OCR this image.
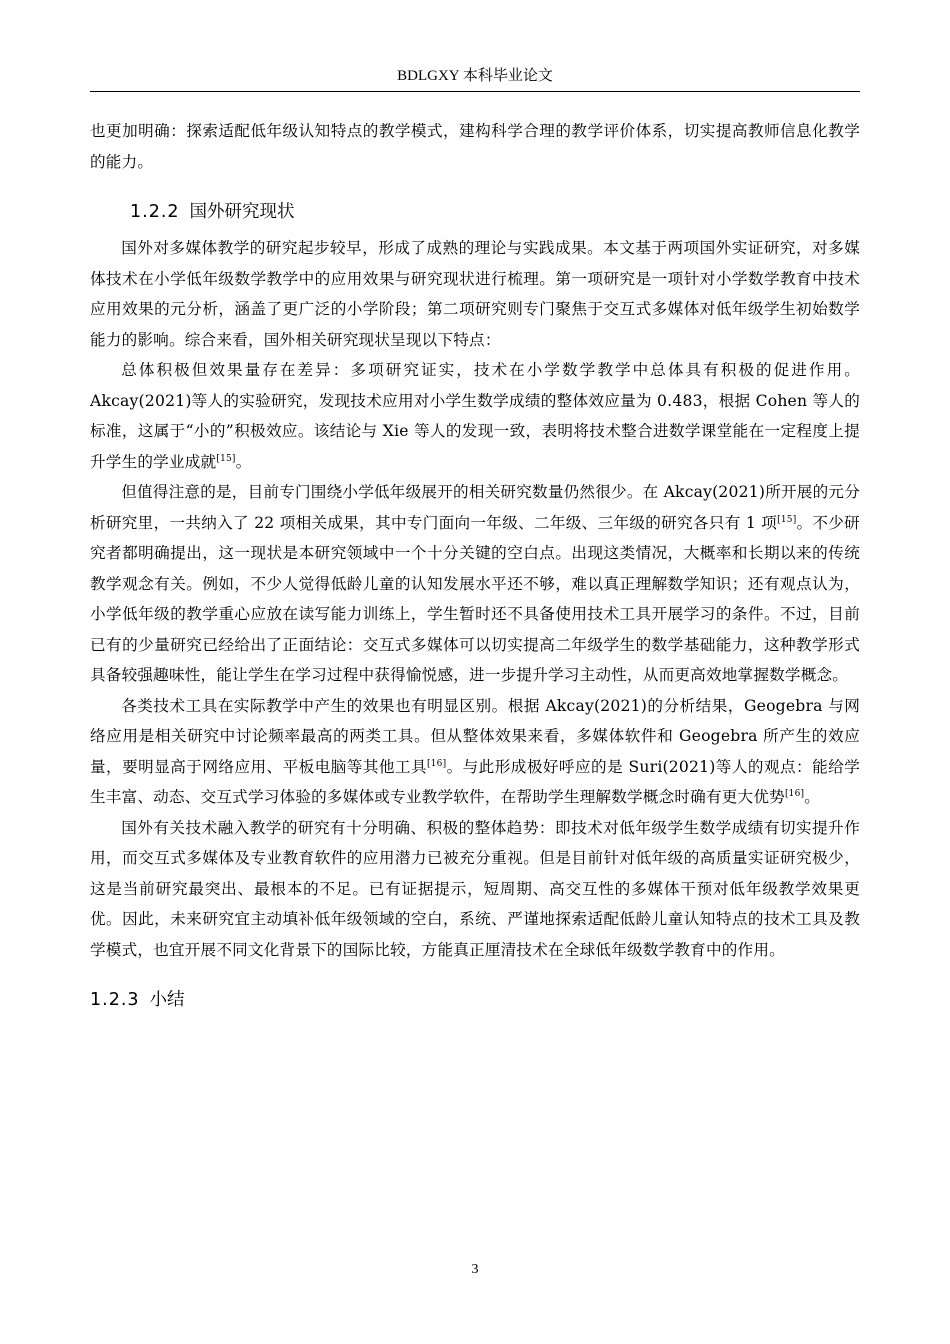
BDLGXY 本科毕业论文

也更加明确：探索适配低年级认知特点的教学模式，建构科学合理的教学评价体系，切实提高教师信息化教学的能力。

1.2.2 国外研究现状

国外对多媒体教学的研究起步较早，形成了成熟的理论与实践成果。本文基于两项国外实证研究，对多媒体技术在小学低年级数学教学中的应用效果与研究现状进行梳理。第一项研究是一项针对小学数学教育中技术应用效果的元分析，涵盖了更广泛的小学阶段；第二项研究则专门聚焦于交互式多媒体对低年级学生初始数学能力的影响。综合来看，国外相关研究现状呈现以下特点：

总体积极但效果量存在差异：多项研究证实，技术在小学数学教学中总体具有积极的促进作用。Akcay(2021)等人的实验研究，发现技术应用对小学生数学成绩的整体效应量为 0.483，根据 Cohen 等人的标准，这属于“小的”积极效应。该结论与 Xie 等人的发现一致，表明将技术整合进数学课堂能在一定程度上提升学生的学业成就[15]。

但值得注意的是，目前专门围绕小学低年级展开的相关研究数量仍然很少。在 Akcay(2021)所开展的元分析研究里，一共纳入了 22 项相关成果，其中专门面向一年级、二年级、三年级的研究各只有 1 项[15]。不少研究者都明确提出，这一现状是本研究领域中一个十分关键的空白点。出现这类情况，大概率和长期以来的传统教学观念有关。例如，不少人觉得低龄儿童的认知发展水平还不够，难以真正理解数学知识；还有观点认为，小学低年级的教学重心应放在读写能力训练上，学生暂时还不具备使用技术工具开展学习的条件。不过，目前已有的少量研究已经给出了正面结论：交互式多媒体可以切实提高二年级学生的数学基础能力，这种教学形式具备较强趣味性，能让学生在学习过程中获得愉悦感，进一步提升学习主动性，从而更高效地掌握数学概念。

各类技术工具在实际教学中产生的效果也有明显区别。根据 Akcay(2021)的分析结果，Geogebra 与网络应用是相关研究中讨论频率最高的两类工具。但从整体效果来看，多媒体软件和 Geogebra 所产生的效应量，要明显高于网络应用、平板电脑等其他工具[16]。与此形成极好呼应的是 Suri(2021)等人的观点：能给学生丰富、动态、交互式学习体验的多媒体或专业教学软件，在帮助学生理解数学概念时确有更大优势[16]。

国外有关技术融入教学的研究有十分明确、积极的整体趋势：即技术对低年级学生数学成绩有切实提升作用，而交互式多媒体及专业教育软件的应用潜力已被充分重视。但是目前针对低年级的高质量实证研究极少，这是当前研究最突出、最根本的不足。已有证据提示，短周期、高交互性的多媒体干预对低年级教学效果更优。因此，未来研究宜主动填补低年级领域的空白，系统、严谨地探索适配低龄儿童认知特点的技术工具及教学模式，也宜开展不同文化背景下的国际比较，方能真正厘清技术在全球低年级数学教育中的作用。

1.2.3 小结
3
